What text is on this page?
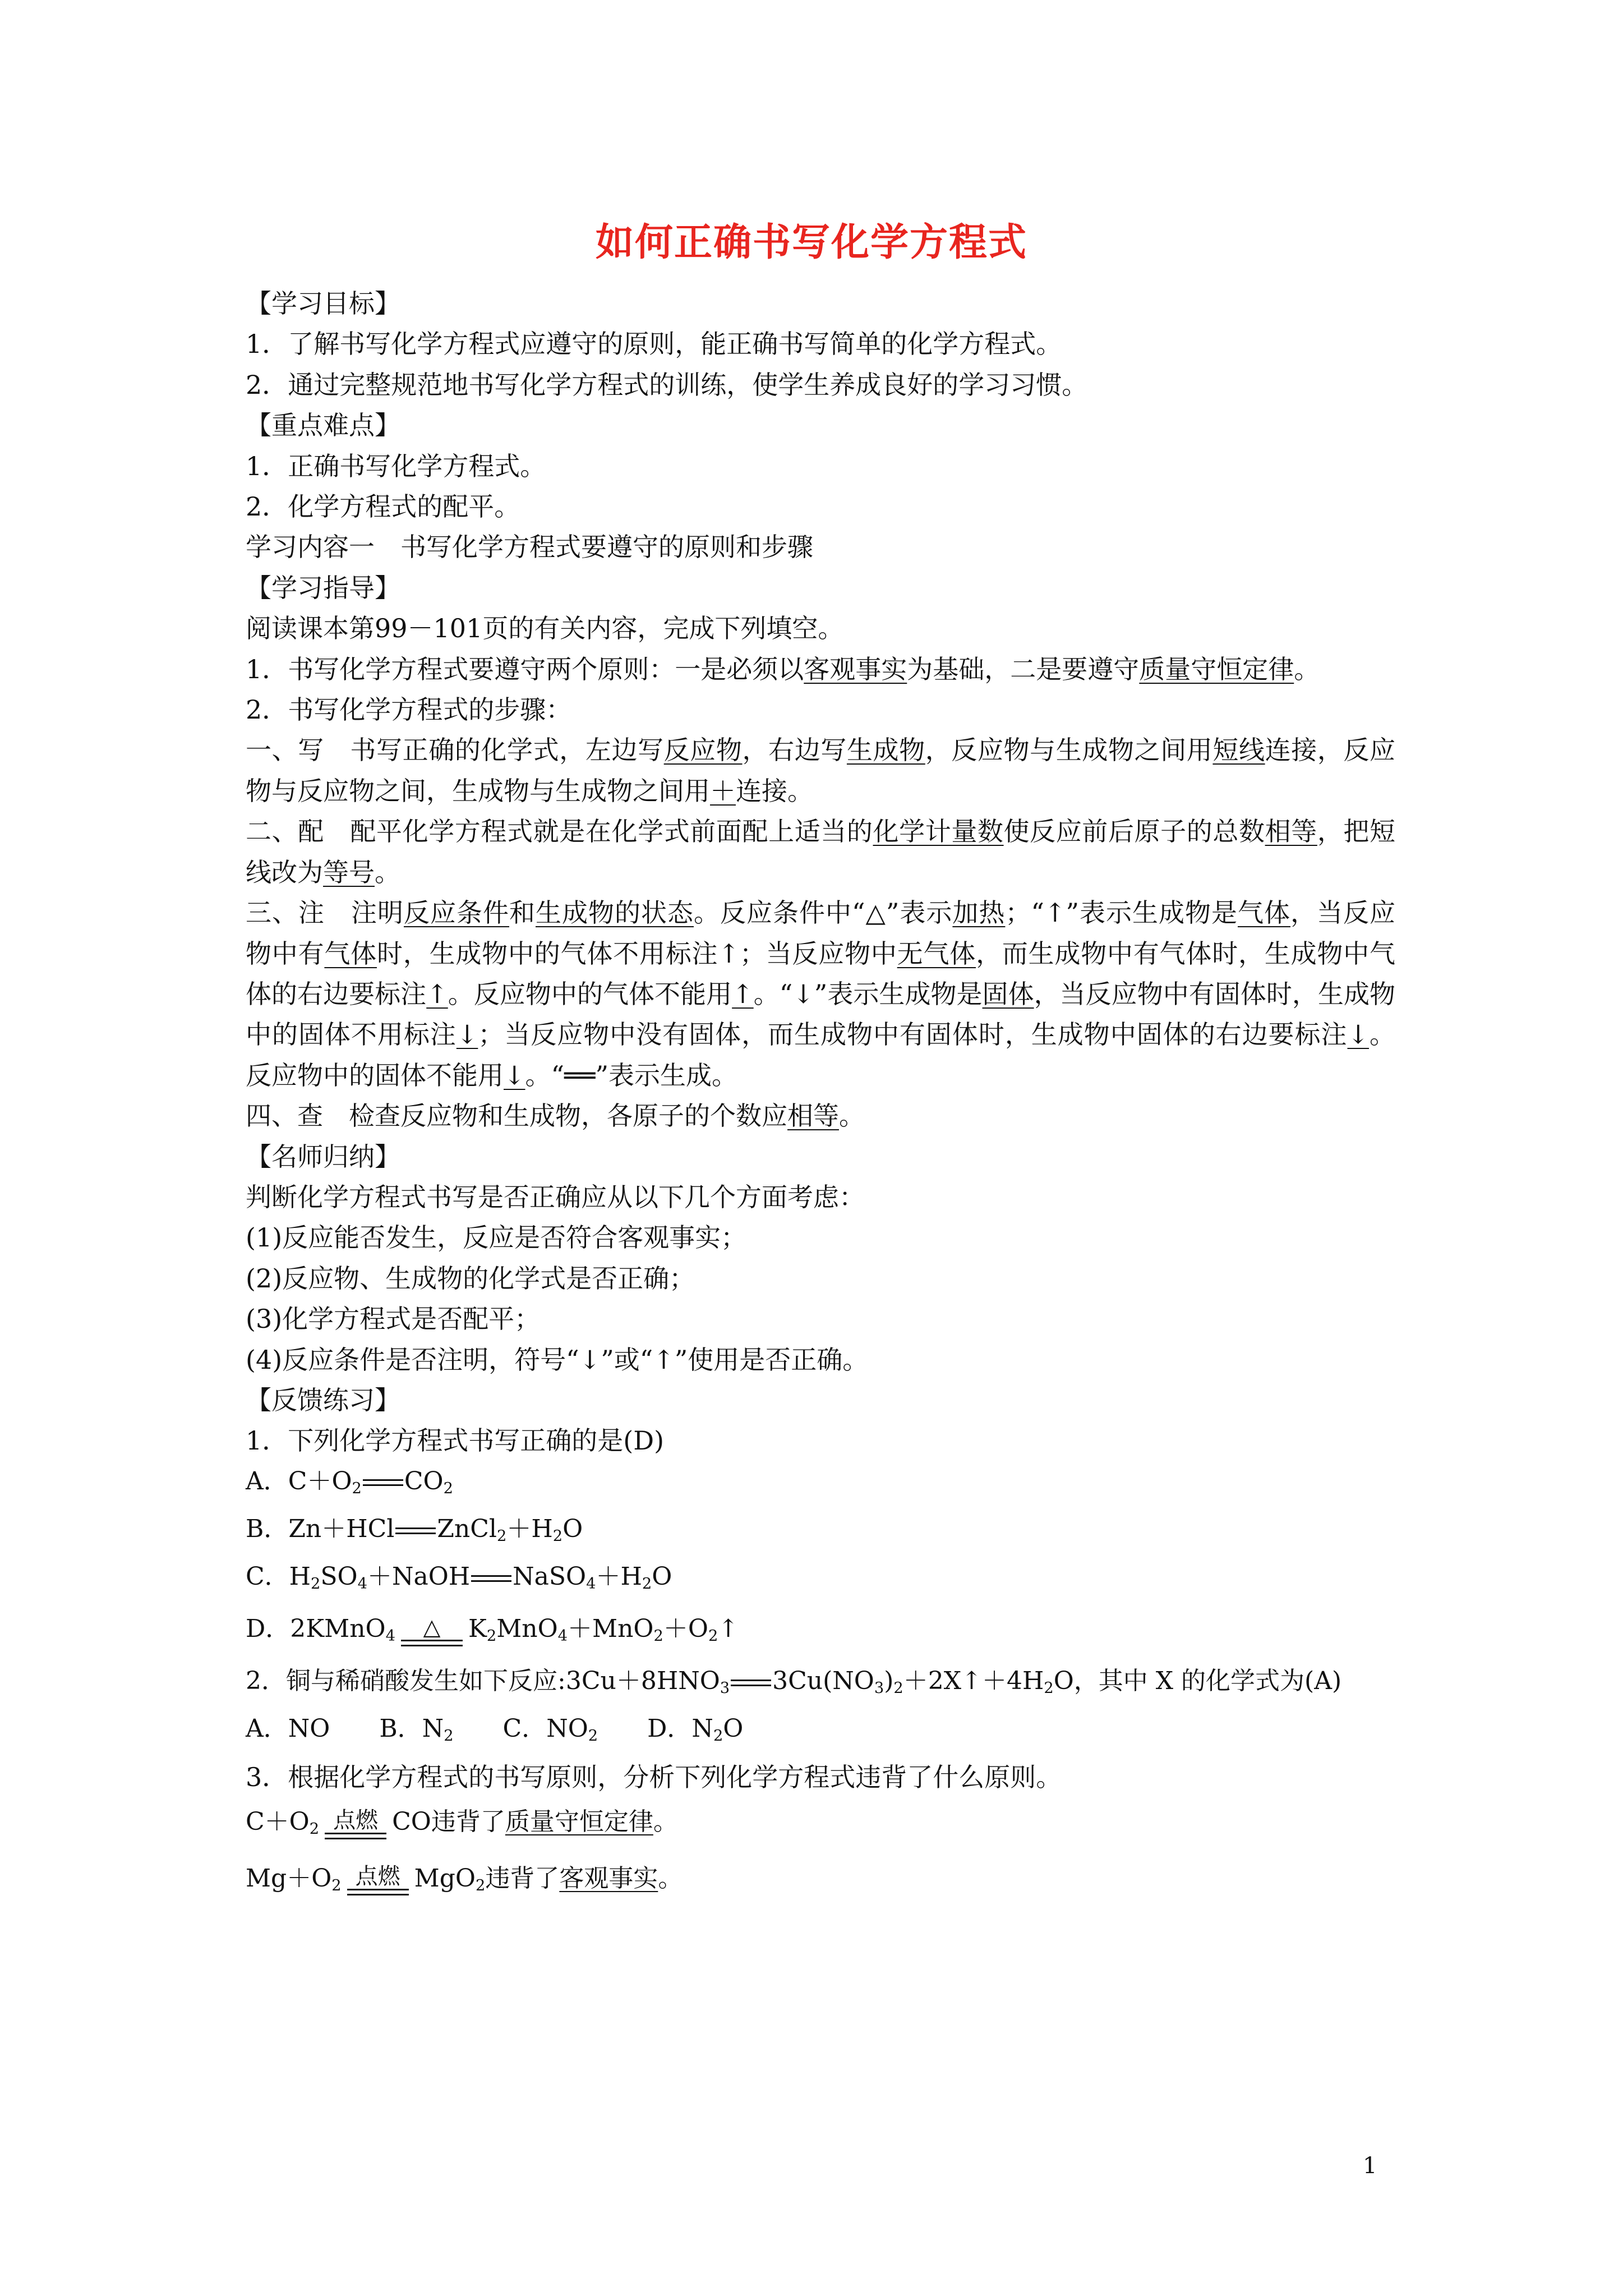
如何正确书写化学方程式
【学习目标】
1．了解书写化学方程式应遵守的原则，能正确书写简单的化学方程式。
2．通过完整规范地书写化学方程式的训练，使学生养成良好的学习习惯。
【重点难点】
1．正确书写化学方程式。
2．化学方程式的配平。
学习内容一　书写化学方程式要遵守的原则和步骤
【学习指导】
阅读课本第99－101页的有关内容，完成下列填空。
1．书写化学方程式要遵守两个原则：一是必须以客观事实为基础，二是要遵守质量守恒定律。
2．书写化学方程式的步骤：
一、写　书写正确的化学式，左边写反应物，右边写生成物，反应物与生成物之间用短线连接，反应物与反应物之间，生成物与生成物之间用＋连接。
二、配　配平化学方程式就是在化学式前面配上适当的化学计量数使反应前后原子的总数相等，把短线改为等号。
三、注　注明反应条件和生成物的状态。反应条件中“△”表示加热；“↑”表示生成物是气体，当反应物中有气体时，生成物中的气体不用标注↑；当反应物中无气体，而生成物中有气体时，生成物中气体的右边要标注↑。反应物中的气体不能用↑。“↓”表示生成物是固体，当反应物中有固体时，生成物中的固体不用标注↓；当反应物中没有固体，而生成物中有固体时，生成物中固体的右边要标注↓。反应物中的固体不能用↓。“══”表示生成。
四、查　检查反应物和生成物，各原子的个数应相等。
【名师归纳】
判断化学方程式书写是否正确应从以下几个方面考虑：
(1)反应能否发生，反应是否符合客观事实；
(2)反应物、生成物的化学式是否正确；
(3)化学方程式是否配平；
(4)反应条件是否注明，符号“↓”或“↑”使用是否正确。
【反馈练习】
1．下列化学方程式书写正确的是(D)
A．$C+O_2$ $CO_2$
B．Zn＋HCl $ZnCl_2+H_2O$
C．$H_2SO_4+NaOH$ $NaSO_4+H_2O$
D．2KMnO$_4$	△	$K_2MnO_4+MnO_2+O_2↑$
2．铜与稀硝酸发生如下反应$:3Cu+8HNO_3$ $3Cu(NO_3)_2+2X↑+4H_2O$，其中 X 的化学式为(A)
A．NO  B．$N_2$  C．$NO_2$  D．$N_2O$
3．根据化学方程式的书写原则，分析下列化学方程式违背了什么原则。
$C+O_2$ 点燃 CO违背了质量守恒定律。
$Mg+O_2$ 点燃 MgO$_2$违背了客观事实。
1
